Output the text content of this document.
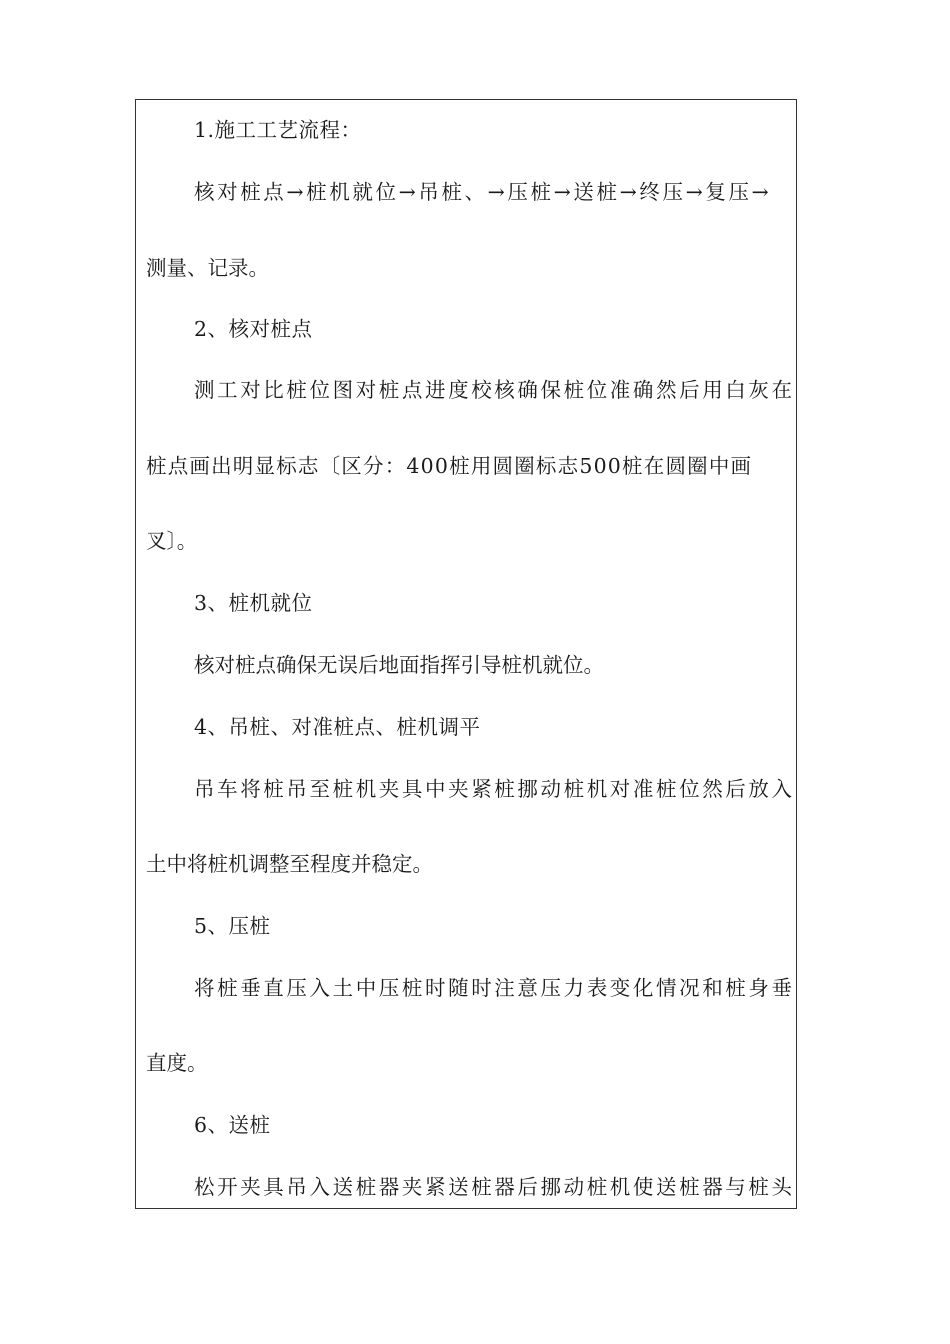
1.施工工艺流程：
核对桩点→桩机就位→吊桩、→压桩→送桩→终压→复压→
测量、记录。
2、核对桩点
测工对比桩位图对桩点进度校核确保桩位准确然后用白灰在
桩点画出明显标志〔区分：400桩用圆圈标志500桩在圆圈中画
叉〕。
3、桩机就位
核对桩点确保无误后地面指挥引导桩机就位。
4、吊桩、对准桩点、桩机调平
吊车将桩吊至桩机夹具中夹紧桩挪动桩机对准桩位然后放入
土中将桩机调整至程度并稳定。
5、压桩
将桩垂直压入土中压桩时随时注意压力表变化情况和桩身垂
直度。
6、送桩
松开夹具吊入送桩器夹紧送桩器后挪动桩机使送桩器与桩头
